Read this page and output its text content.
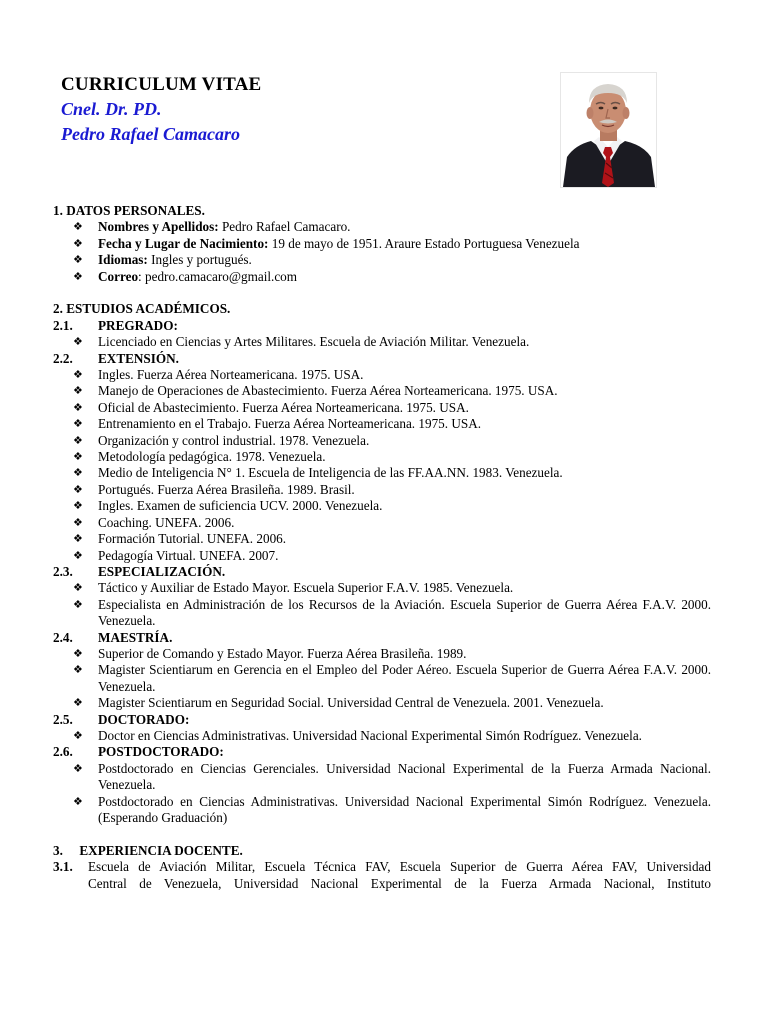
CURRICULUM VITAE
Cnel. Dr. PD.
Pedro Rafael Camacaro
1. DATOS PERSONALES.
❖	Nombres y Apellidos: Pedro Rafael Camacaro.
❖	Fecha y Lugar de Nacimiento: 19 de mayo de 1951. Araure Estado Portuguesa Venezuela
❖	Idiomas: Ingles y portugués.
❖	Correo: pedro.camacaro@gmail.com
2. ESTUDIOS ACADÉMICOS.
2.1.	PREGRADO:
❖	Licenciado en Ciencias y Artes Militares. Escuela de Aviación Militar. Venezuela.
2.2.	EXTENSIÓN.
❖	Ingles. Fuerza Aérea Norteamericana. 1975. USA.
❖	Manejo de Operaciones de Abastecimiento. Fuerza Aérea Norteamericana. 1975. USA.
❖	Oficial de Abastecimiento. Fuerza Aérea Norteamericana. 1975. USA.
❖	Entrenamiento en el Trabajo. Fuerza Aérea Norteamericana. 1975. USA.
❖	Organización y control industrial. 1978. Venezuela.
❖	Metodología pedagógica. 1978. Venezuela.
❖	Medio de Inteligencia N° 1. Escuela de Inteligencia de las FF.AA.NN. 1983. Venezuela.
❖	Portugués. Fuerza Aérea Brasileña. 1989. Brasil.
❖	Ingles. Examen de suficiencia UCV. 2000. Venezuela.
❖	Coaching. UNEFA. 2006.
❖	Formación Tutorial. UNEFA. 2006.
❖	Pedagogía Virtual. UNEFA. 2007.
2.3.	ESPECIALIZACIÓN.
❖	Táctico y Auxiliar de Estado Mayor. Escuela Superior F.A.V. 1985. Venezuela.
❖	Especialista en Administración de los Recursos de la Aviación. Escuela Superior de Guerra Aérea F.A.V. 2000. Venezuela.
2.4.	MAESTRÍA.
❖	Superior de Comando y Estado Mayor. Fuerza Aérea Brasileña. 1989.
❖	Magister Scientiarum en Gerencia en el Empleo del Poder Aéreo. Escuela Superior de Guerra Aérea F.A.V. 2000. Venezuela.
❖	Magister Scientiarum en Seguridad Social. Universidad Central de Venezuela. 2001. Venezuela.
2.5.	DOCTORADO:
❖	Doctor en Ciencias Administrativas. Universidad Nacional Experimental Simón Rodríguez. Venezuela.
2.6.	POSTDOCTORADO:
❖	Postdoctorado en Ciencias Gerenciales. Universidad Nacional Experimental de la Fuerza Armada Nacional. Venezuela.
❖	Postdoctorado en Ciencias Administrativas. Universidad Nacional Experimental Simón Rodríguez. Venezuela. (Esperando Graduación)
3.     EXPERIENCIA DOCENTE.
3.1.	Escuela de Aviación Militar, Escuela Técnica FAV, Escuela Superior de Guerra Aérea FAV, Universidad
Central de Venezuela, Universidad Nacional Experimental de la Fuerza Armada Nacional, Instituto
